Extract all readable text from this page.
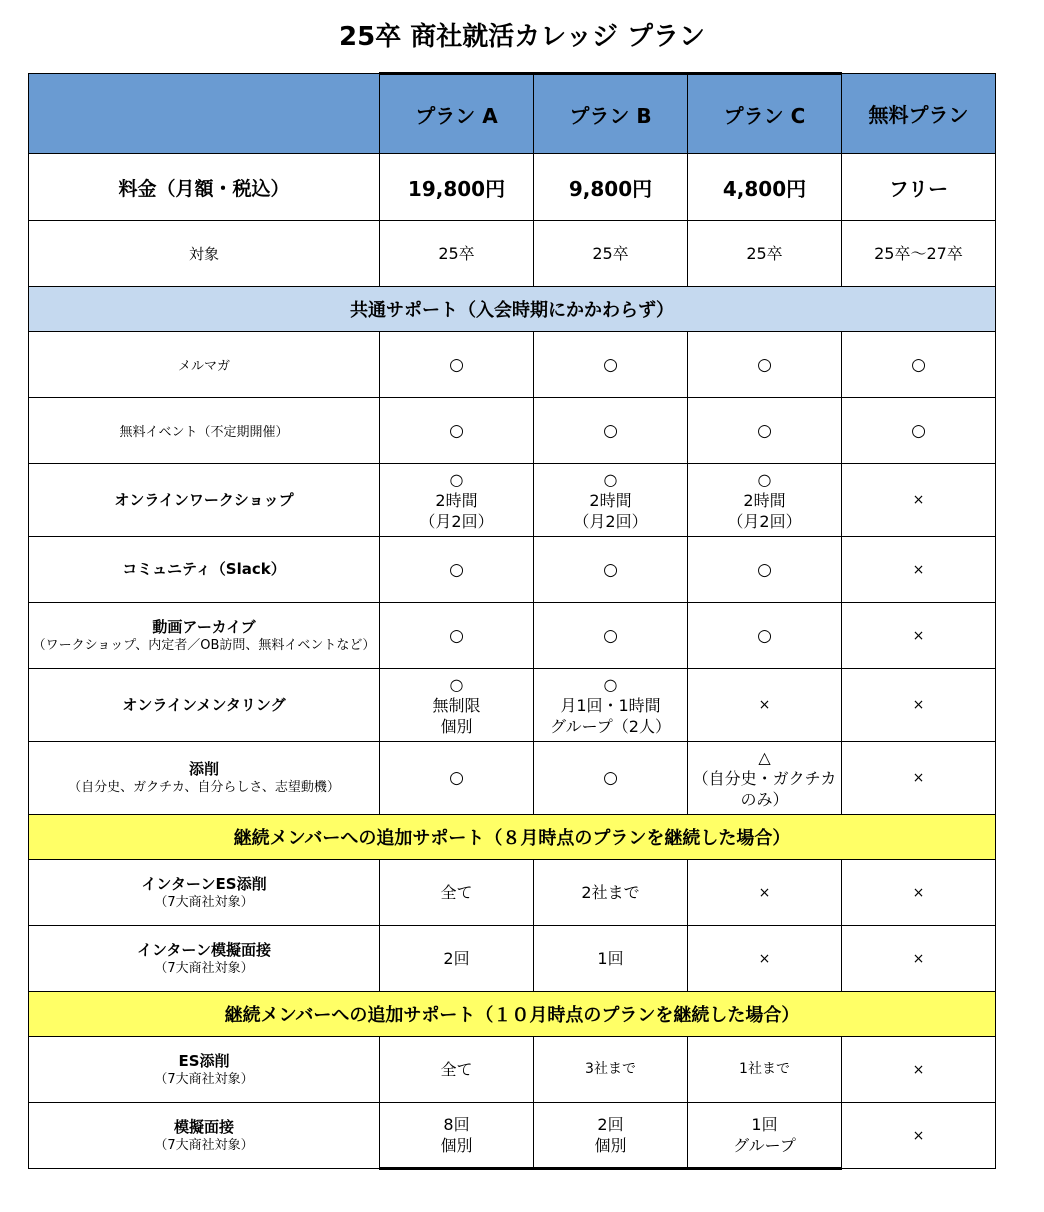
25卒 商社就活カレッジ プラン
	プラン A	プラン B	プラン C	無料プラン

料金（月額・税込）	19,800円	9,800円	4,800円	フリー

対象	25卒	25卒	25卒	25卒～27卒
共通サポート（入会時期にかかわらず）				

メルマガ	○	○	○	○

無料イベント（不定期開催）	○	○	○	○

オンラインワークショップ	○
2時間
（月2回）	○
2時間
（月2回）	○
2時間
（月2回）	×

コミュニティ（Slack）	○	○	○	×

動画アーカイブ
（ワークショップ、内定者／OB訪問、無料イベントなど）	○	○	○	×

オンラインメンタリング	○
無制限
個別	○
月1回・1時間
グループ（2人）	×	×

添削
（自分史、ガクチカ、自分らしさ、志望動機）	○	○	△
（自分史・ガクチカ
のみ）	×
継続メンバーへの追加サポート（８月時点のプランを継続した場合）				

インターンES添削
（7大商社対象）	全て	2社まで	×	×

インターン模擬面接
（7大商社対象）	2回	1回	×	×
継続メンバーへの追加サポート（１０月時点のプランを継続した場合）				

ES添削
（7大商社対象）	全て	3社まで	1社まで	×

模擬面接
（7大商社対象）	8回
個別	2回
個別	1回
グループ	×
